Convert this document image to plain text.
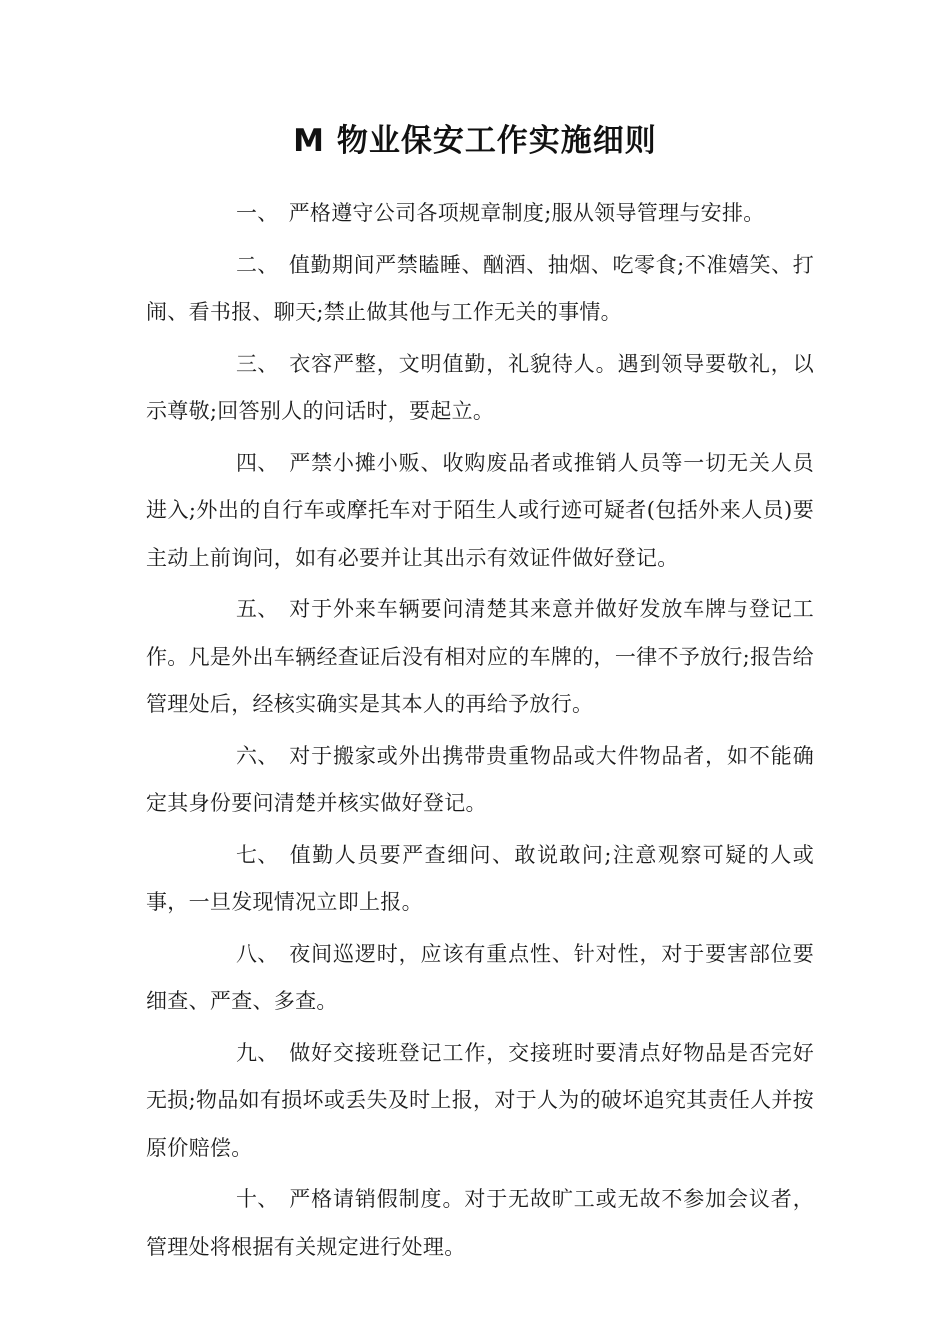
M 物业保安工作实施细则

一、 严格遵守公司各项规章制度;服从领导管理与安排。

二、 值勤期间严禁瞌睡、酗酒、抽烟、吃零食;不准嬉笑、打闹、看书报、聊天;禁止做其他与工作无关的事情。

三、 衣容严整，文明值勤，礼貌待人。遇到领导要敬礼，以示尊敬;回答别人的问话时，要起立。

四、 严禁小摊小贩、收购废品者或推销人员等一切无关人员进入;外出的自行车或摩托车对于陌生人或行迹可疑者(包括外来人员)要主动上前询问，如有必要并让其出示有效证件做好登记。

五、 对于外来车辆要问清楚其来意并做好发放车牌与登记工作。凡是外出车辆经查证后没有相对应的车牌的，一律不予放行;报告给管理处后，经核实确实是其本人的再给予放行。

六、 对于搬家或外出携带贵重物品或大件物品者，如不能确定其身份要问清楚并核实做好登记。

七、 值勤人员要严查细问、敢说敢问;注意观察可疑的人或事，一旦发现情况立即上报。

八、 夜间巡逻时，应该有重点性、针对性，对于要害部位要细查、严查、多查。

九、 做好交接班登记工作，交接班时要清点好物品是否完好无损;物品如有损坏或丢失及时上报，对于人为的破坏追究其责任人并按原价赔偿。

十、 严格请销假制度。对于无故旷工或无故不参加会议者，管理处将根据有关规定进行处理。
